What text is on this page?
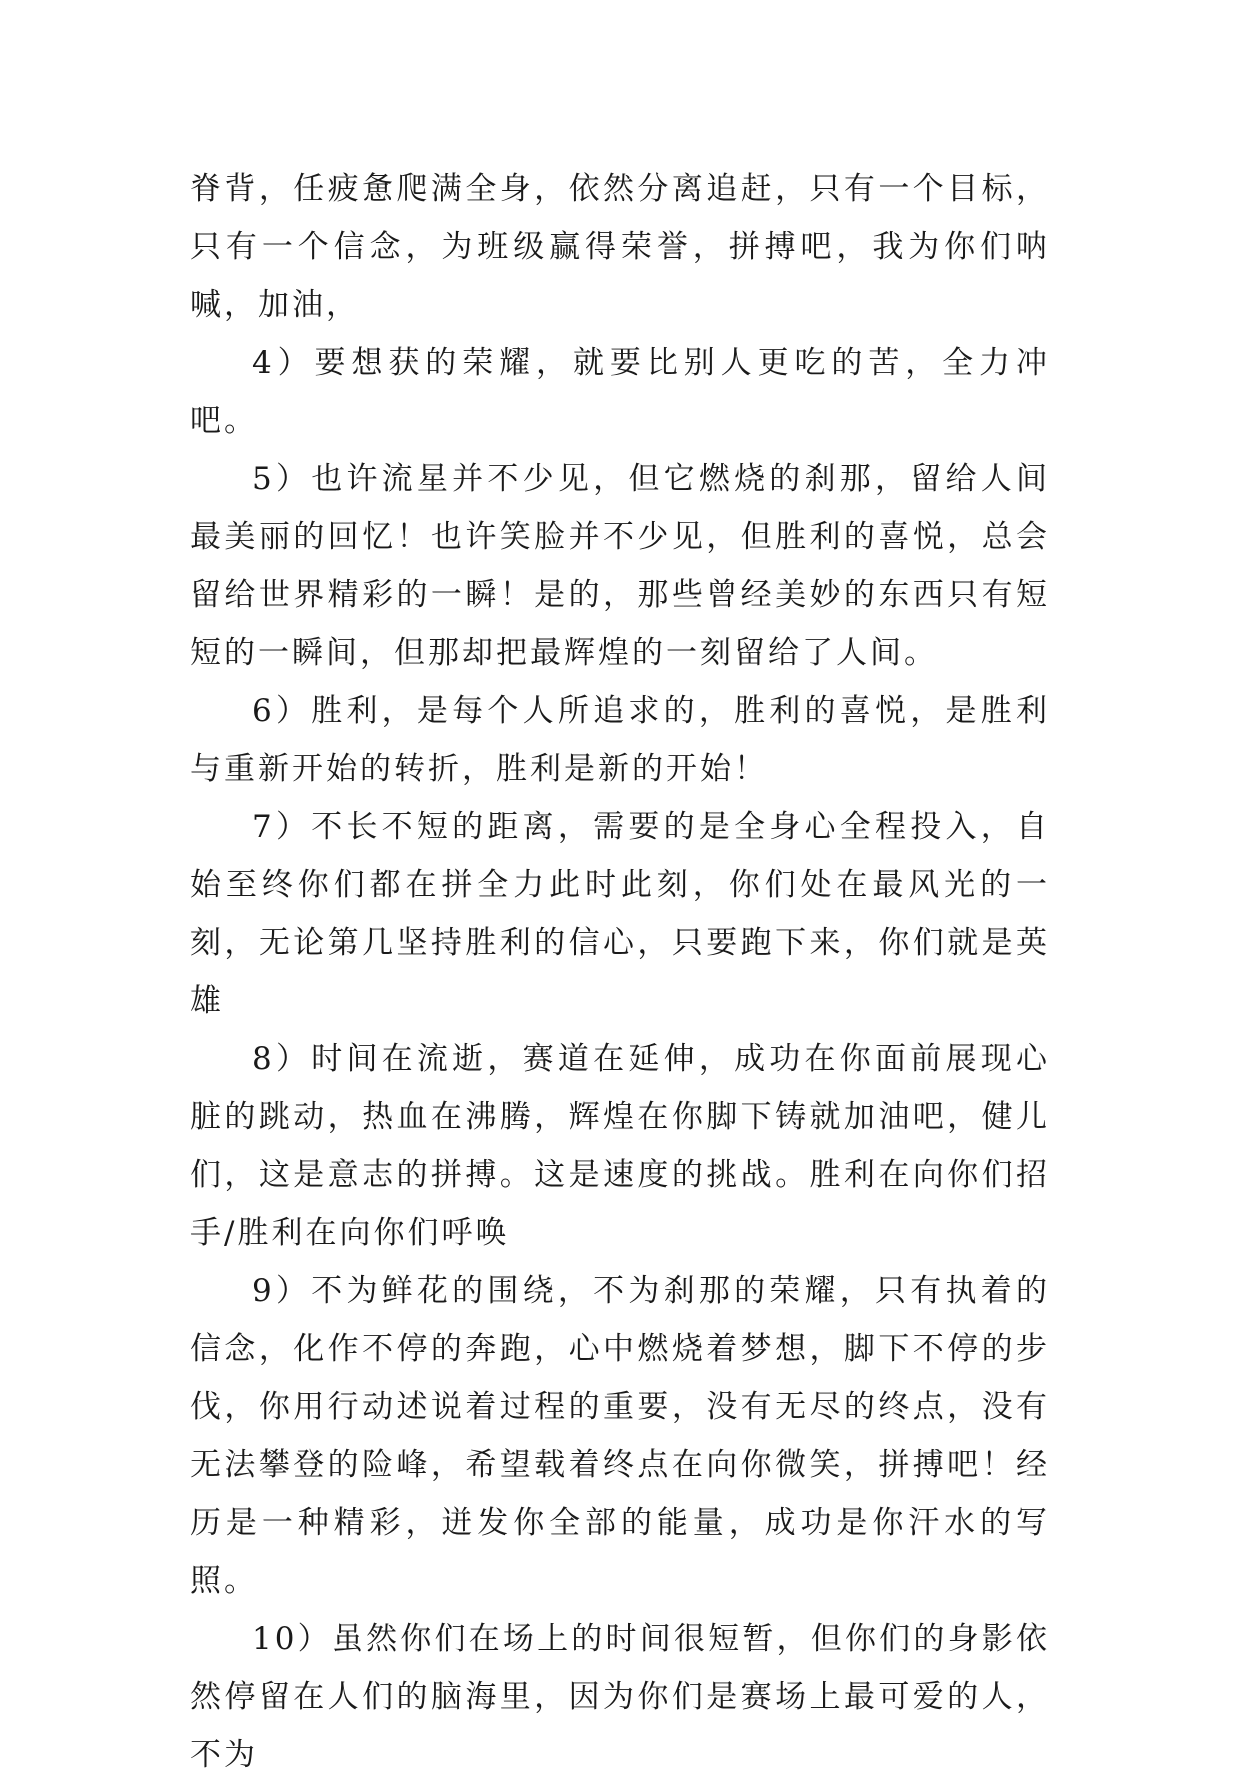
脊背，任疲惫爬满全身，依然分离追赶，只有一个目标，只有一个信念，为班级赢得荣誉，拼搏吧，我为你们呐喊，加油，

4）要想获的荣耀，就要比别人更吃的苦，全力冲吧。

5）也许流星并不少见，但它燃烧的刹那，留给人间最美丽的回忆！也许笑脸并不少见，但胜利的喜悦，总会留给世界精彩的一瞬！是的，那些曾经美妙的东西只有短短的一瞬间，但那却把最辉煌的一刻留给了人间。

6）胜利，是每个人所追求的，胜利的喜悦，是胜利与重新开始的转折，胜利是新的开始！

7）不长不短的距离，需要的是全身心全程投入，自始至终你们都在拼全力此时此刻，你们处在最风光的一刻，无论第几坚持胜利的信心，只要跑下来，你们就是英雄

8）时间在流逝，赛道在延伸，成功在你面前展现心脏的跳动，热血在沸腾，辉煌在你脚下铸就加油吧，健儿们，这是意志的拼搏。这是速度的挑战。胜利在向你们招手/胜利在向你们呼唤

9）不为鲜花的围绕，不为刹那的荣耀，只有执着的信念，化作不停的奔跑，心中燃烧着梦想，脚下不停的步伐，你用行动述说着过程的重要，没有无尽的终点，没有无法攀登的险峰，希望载着终点在向你微笑，拼搏吧！经历是一种精彩，迸发你全部的能量，成功是你汗水的写照。

10）虽然你们在场上的时间很短暂，但你们的身影依然停留在人们的脑海里，因为你们是赛场上最可爱的人，不为
